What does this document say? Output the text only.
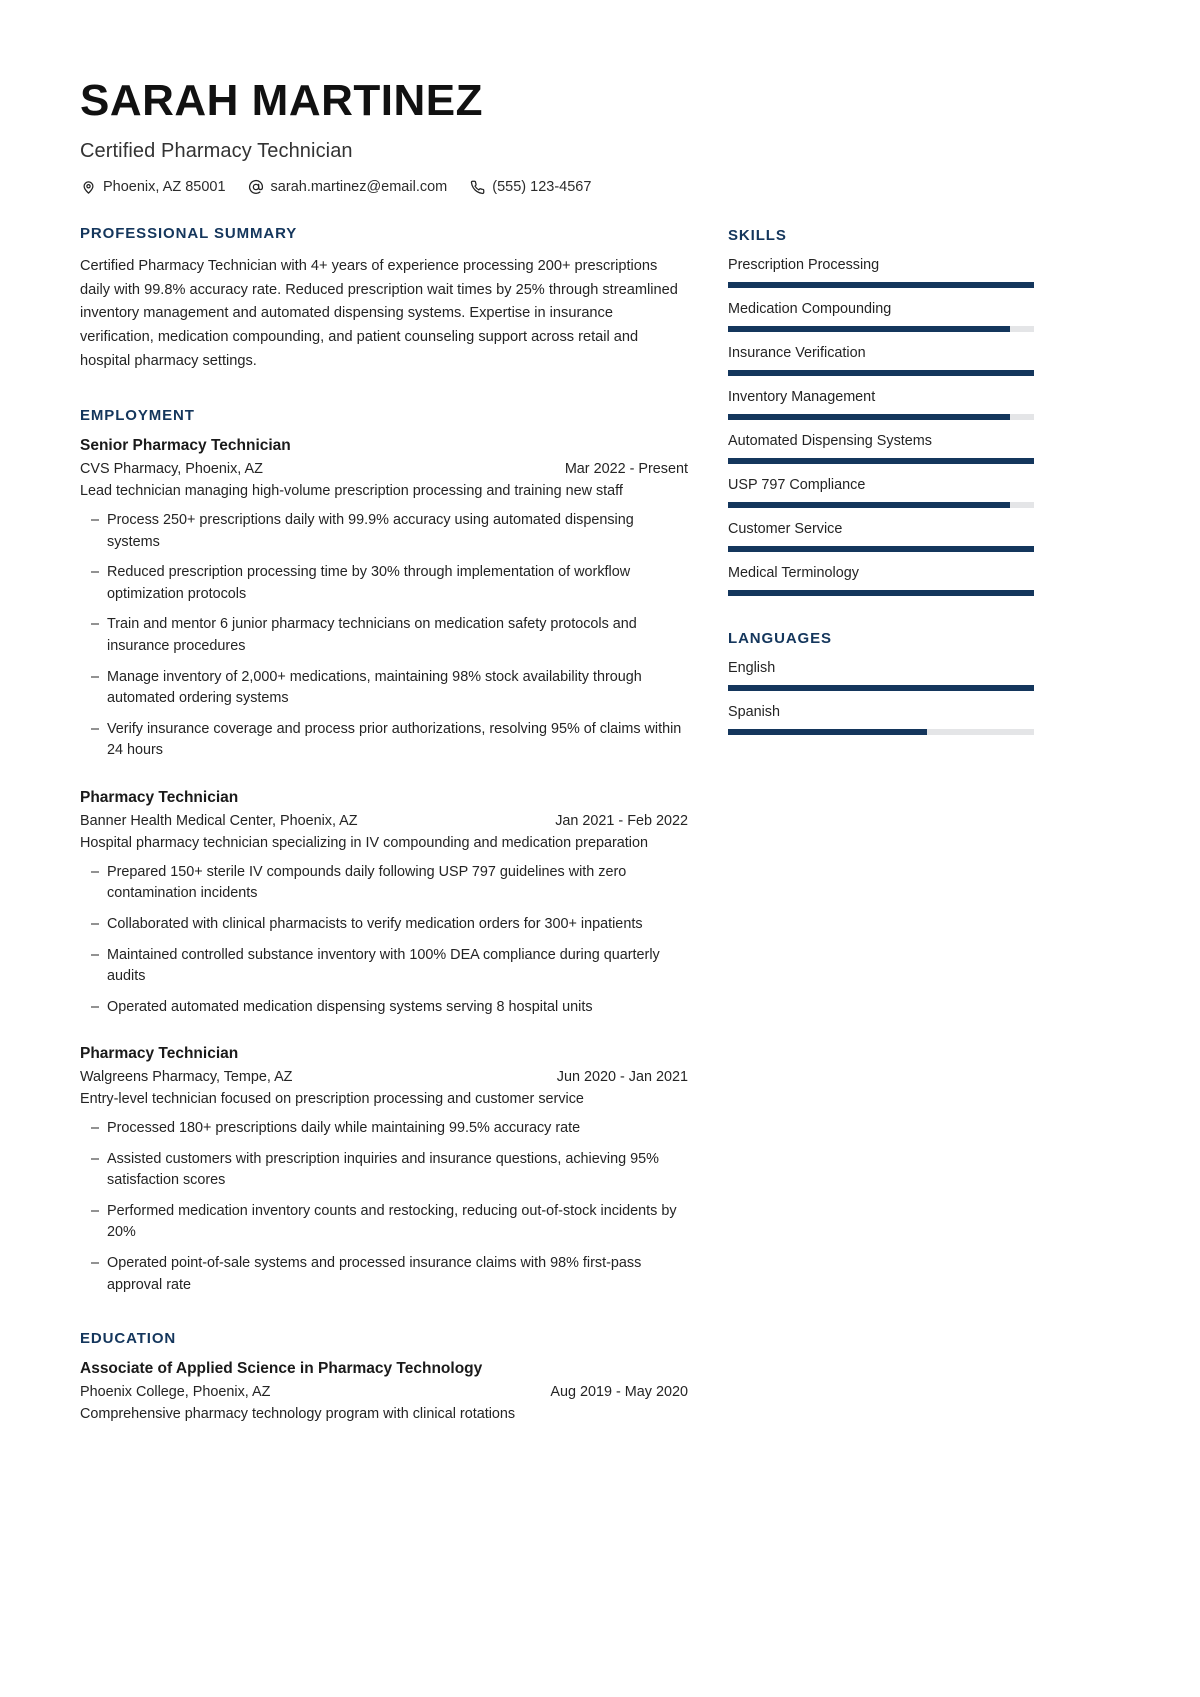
SARAH MARTINEZ
Certified Pharmacy Technician
Phoenix, AZ 85001	sarah.martinez@email.com	(555) 123-4567
PROFESSIONAL SUMMARY

Certified Pharmacy Technician with 4+ years of experience processing 200+ prescriptions daily with 99.8% accuracy rate. Reduced prescription wait times by 25% through streamlined inventory management and automated dispensing systems. Expertise in insurance verification, medication compounding, and patient counseling support across retail and hospital pharmacy settings.

EMPLOYMENT
Senior Pharmacy Technician
CVS Pharmacy, Phoenix, AZ	Mar 2022 - Present
Lead technician managing high-volume prescription processing and training new staff
– Process 250+ prescriptions daily with 99.9% accuracy using automated dispensing systems
– Reduced prescription processing time by 30% through implementation of workflow optimization protocols
– Train and mentor 6 junior pharmacy technicians on medication safety protocols and insurance procedures
– Manage inventory of 2,000+ medications, maintaining 98% stock availability through automated ordering systems
– Verify insurance coverage and process prior authorizations, resolving 95% of claims within 24 hours
Pharmacy Technician
Banner Health Medical Center, Phoenix, AZ	Jan 2021 - Feb 2022
Hospital pharmacy technician specializing in IV compounding and medication preparation
– Prepared 150+ sterile IV compounds daily following USP 797 guidelines with zero contamination incidents
– Collaborated with clinical pharmacists to verify medication orders for 300+ inpatients
– Maintained controlled substance inventory with 100% DEA compliance during quarterly audits
– Operated automated medication dispensing systems serving 8 hospital units
Pharmacy Technician
Walgreens Pharmacy, Tempe, AZ	Jun 2020 - Jan 2021
Entry-level technician focused on prescription processing and customer service
– Processed 180+ prescriptions daily while maintaining 99.5% accuracy rate
– Assisted customers with prescription inquiries and insurance questions, achieving 95% satisfaction scores
– Performed medication inventory counts and restocking, reducing out-of-stock incidents by 20%
– Operated point-of-sale systems and processed insurance claims with 98% first-pass approval rate
EDUCATION
Associate of Applied Science in Pharmacy Technology
Phoenix College, Phoenix, AZ	Aug 2019 - May 2020
Comprehensive pharmacy technology program with clinical rotations
SKILLS
Prescription Processing
Medication Compounding
Insurance Verification
Inventory Management
Automated Dispensing Systems
USP 797 Compliance
Customer Service
Medical Terminology
LANGUAGES
English
Spanish
